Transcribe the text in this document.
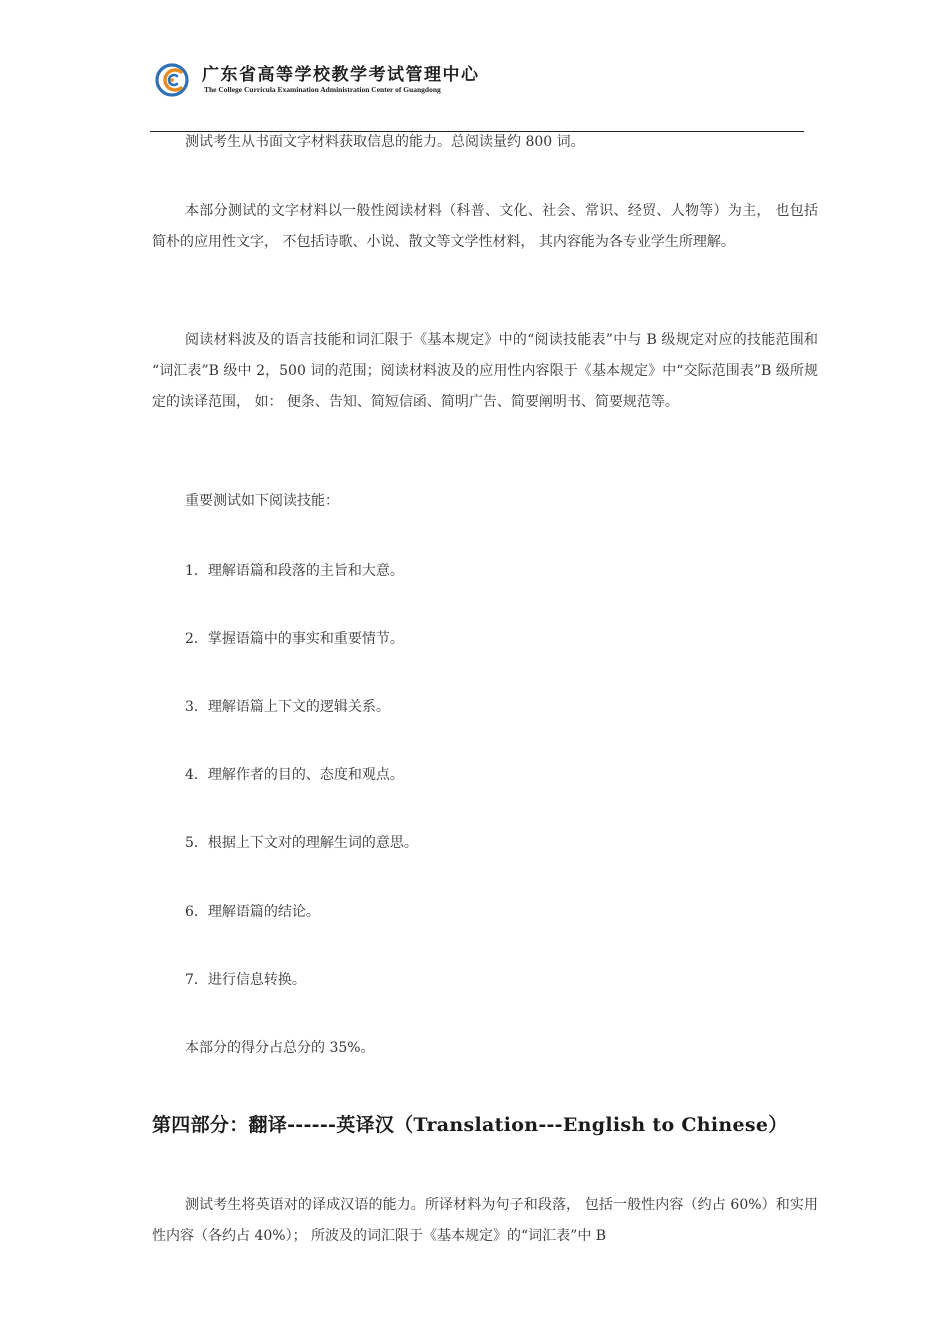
广东省高等学校教学考试管理中心
The College Curricula Examination Administration Center of Guangdong

测试考生从书面文字材料获取信息的能力。总阅读量约 800 词。

本部分测试的文字材料以一般性阅读材料（科普、文化、社会、常识、经贸、人物等）为主， 也包括简朴的应用性文字， 不包括诗歌、小说、散文等文学性材料， 其内容能为各专业学生所理解。

阅读材料波及的语言技能和词汇限于《基本规定》中的“阅读技能表”中与 B 级规定对应的技能范围和 “词汇表”B 级中 2，500 词的范围；阅读材料波及的应用性内容限于《基本规定》中“交际范围表”B 级所规定的读译范围， 如： 便条、告知、简短信函、简明广告、简要阐明书、简要规范等。

重要测试如下阅读技能：

1．理解语篇和段落的主旨和大意。

2．掌握语篇中的事实和重要情节。

3．理解语篇上下文的逻辑关系。

4．理解作者的目的、态度和观点。

5．根据上下文对的理解生词的意思。

6．理解语篇的结论。

7．进行信息转换。

本部分的得分占总分的 35%。

第四部分：翻译------英译汉（Translation---English to Chinese）

测试考生将英语对的译成汉语的能力。所译材料为句子和段落， 包括一般性内容（约占 60%）和实用性内容（各约占 40%）； 所波及的词汇限于《基本规定》的“词汇表”中 B
